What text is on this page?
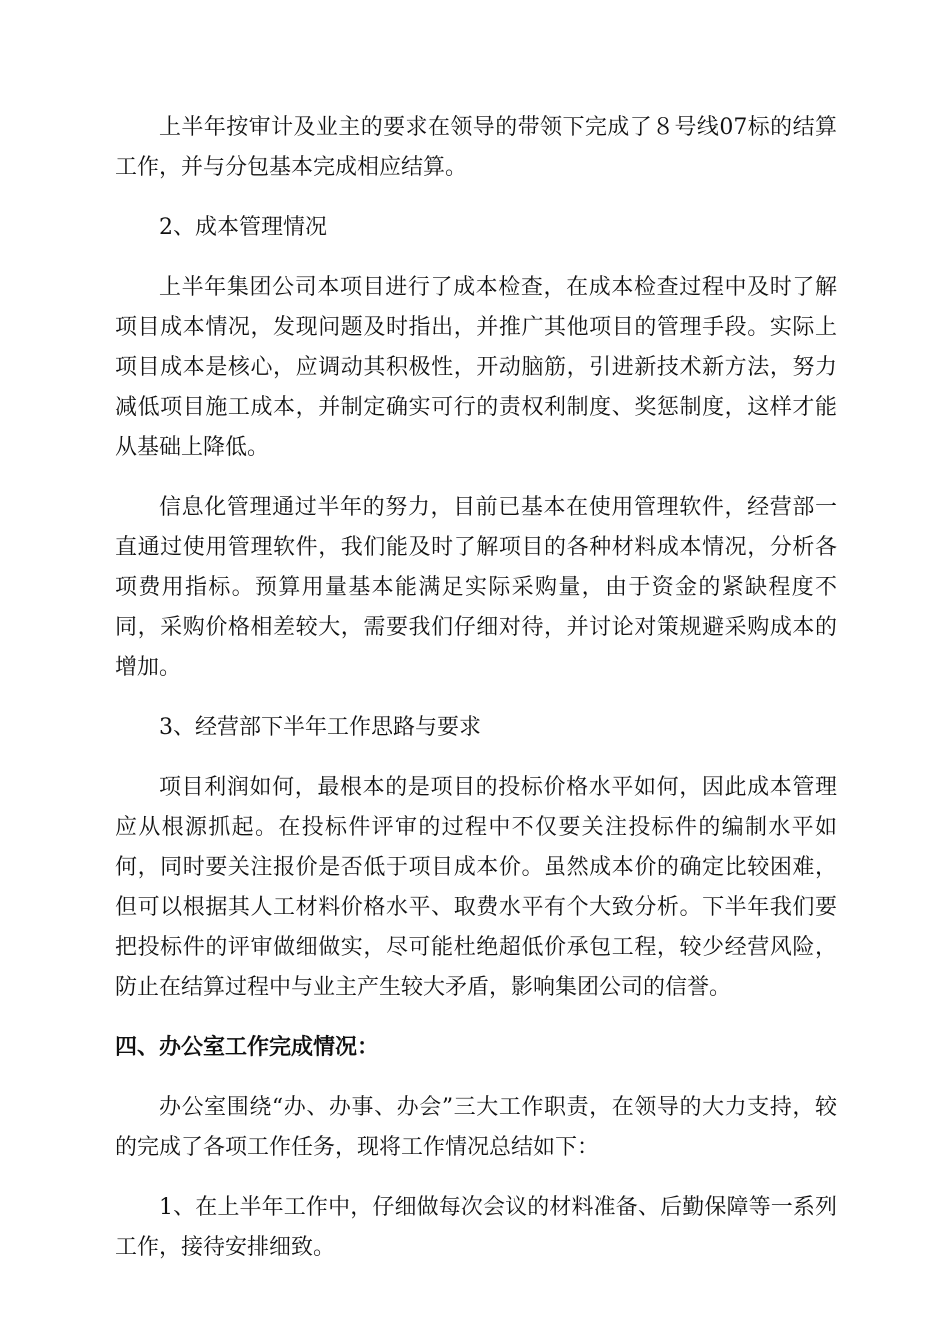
上半年按审计及业主的要求在领导的带领下完成了８号线07标的结算工作，并与分包基本完成相应结算。

2、成本管理情况

上半年集团公司本项目进行了成本检查，在成本检查过程中及时了解项目成本情况，发现问题及时指出，并推广其他项目的管理手段。实际上项目成本是核心，应调动其积极性，开动脑筋，引进新技术新方法，努力减低项目施工成本，并制定确实可行的责权利制度、奖惩制度，这样才能从基础上降低。

信息化管理通过半年的努力，目前已基本在使用管理软件，经营部一直通过使用管理软件，我们能及时了解项目的各种材料成本情况，分析各项费用指标。预算用量基本能满足实际采购量，由于资金的紧缺程度不同，采购价格相差较大，需要我们仔细对待，并讨论对策规避采购成本的增加。

3、经营部下半年工作思路与要求

项目利润如何，最根本的是项目的投标价格水平如何，因此成本管理应从根源抓起。在投标件评审的过程中不仅要关注投标件的编制水平如何，同时要关注报价是否低于项目成本价。虽然成本价的确定比较困难，但可以根据其人工材料价格水平、取费水平有个大致分析。下半年我们要把投标件的评审做细做实，尽可能杜绝超低价承包工程，较少经营风险，防止在结算过程中与业主产生较大矛盾，影响集团公司的信誉。

四、办公室工作完成情况：

办公室围绕“办、办事、办会”三大工作职责，在领导的大力支持，较的完成了各项工作任务，现将工作情况总结如下：

1、在上半年工作中，仔细做每次会议的材料准备、后勤保障等一系列工作，接待安排细致。
